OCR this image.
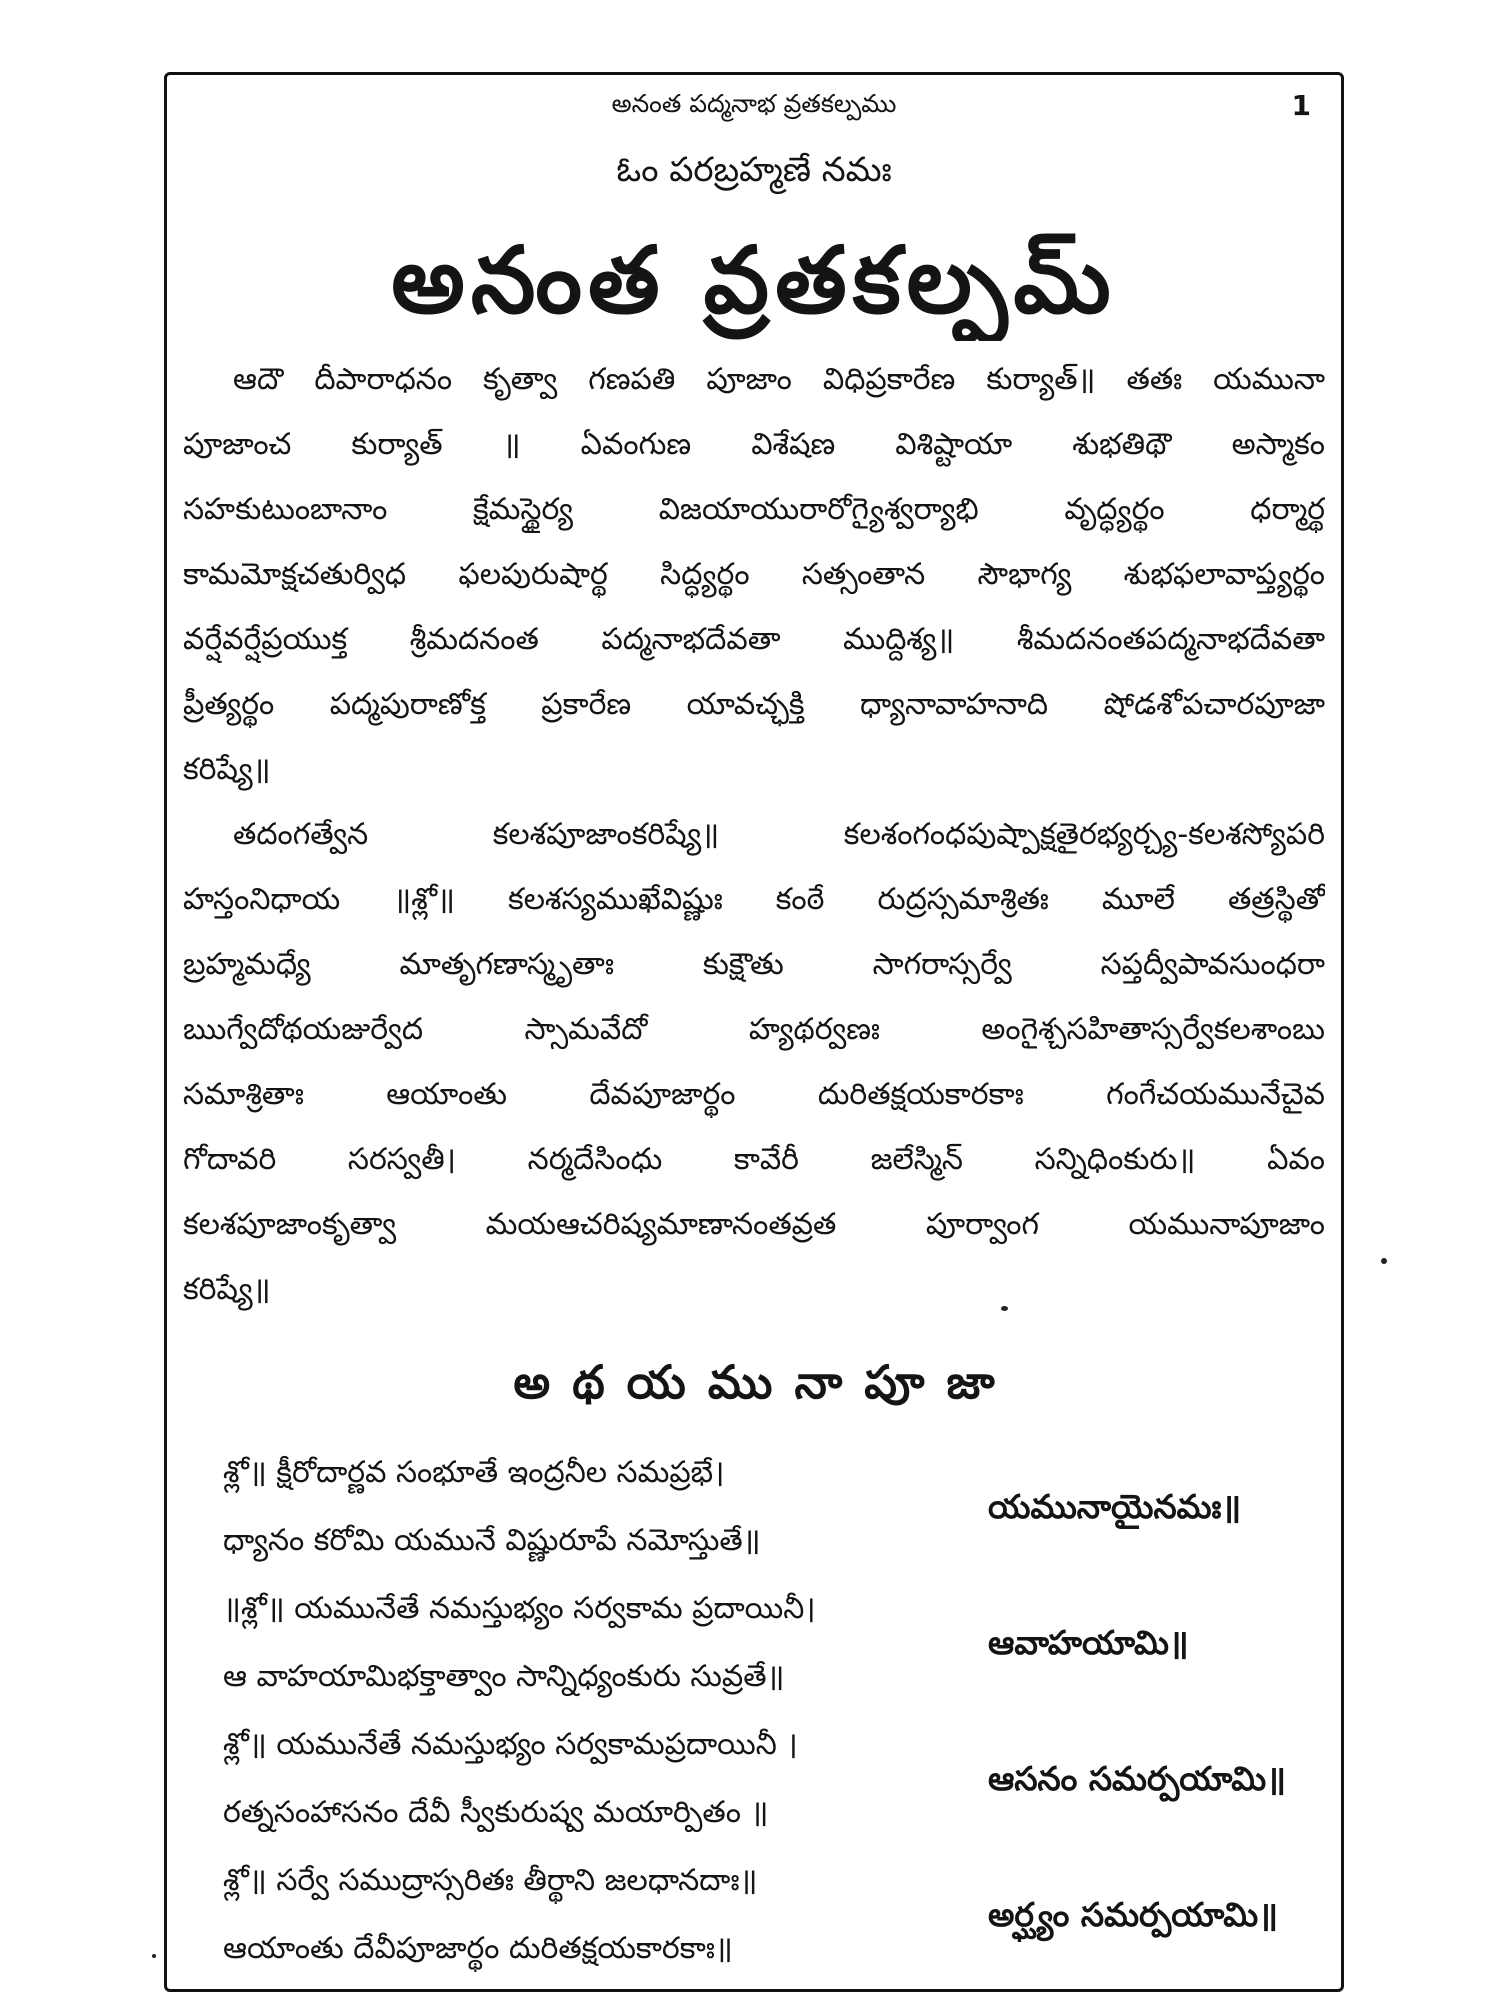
అనంత పద్మనాభ వ్రతకల్పము	1
ఓం పరబ్రహ్మణే నమః
అనంత వ్రతకల్పమ్
ఆదౌ దీపారాధనం కృత్వా గణపతి పూజాం విధిప్రకారేణ కుర్యాత్॥ తతః యమునా
పూజాంచ కుర్యాత్ ॥ ఏవంగుణ విశేషణ విశిష్టాయా శుభతిథౌ అస్మాకం
సహకుటుంబానాం క్షేమస్థైర్య విజయాయురారోగ్యైశ్వర్యాభి వృద్ధ్యర్థం ధర్మార్థ
కామమోక్షచతుర్విధ ఫలపురుషార్థ సిద్ధ్యర్థం సత్సంతాన సౌభాగ్య శుభఫలావాప్త్యర్థం
వర్షేవర్షేప్రయుక్త శ్రీమదనంత పద్మనాభదేవతా ముద్దిశ్య॥ శీమదనంతపద్మనాభదేవతా
ప్రీత్యర్థం పద్మపురాణోక్త ప్రకారేణ యావచ్ఛక్తి ధ్యానావాహనాది షోడశోపచారపూజా
కరిష్యే॥
తదంగత్వేన కలశపూజాంకరిష్యే॥ కలశంగంధపుష్పాక్షతైరభ్యర్చ్య-కలశస్యోపరి
హస్తంనిధాయ ॥శ్లో॥ కలశస్యముఖేవిష్ణుః కంఠే రుద్రస్సమాశ్రితః మూలే తత్రస్థితో
బ్రహ్మమధ్యే మాతృగణాస్మృతాః కుక్షౌతు సాగరాస్సర్వే సప్తద్వీపావసుంధరా
ఋగ్వేదోథయజుర్వేద స్సామవేదో హ్యథర్వణః అంగైశ్చసహితాస్సర్వేకలశాంబు
సమాశ్రితాః ఆయాంతు దేవపూజార్థం దురితక్షయకారకాః గంగేచయమునేచైవ
గోదావరి సరస్వతీ। నర్మదేసింధు కావేరీ జలేస్మిన్ సన్నిధింకురు॥ ఏవం
కలశపూజాంకృత్వా మయఆచరిష్యమాణానంతవ్రత పూర్వాంగ యమునాపూజాం
కరిష్యే॥
అ థ య ము నా పూ జా
శ్లో॥ క్షీరోదార్ణవ సంభూతే ఇంద్రనీల సమప్రభే।
ధ్యానం కరోమి యమునే విష్ణురూపే నమోస్తుతే॥
యమునాయైనమః॥
॥శ్లో॥ యమునేతే నమస్తుభ్యం సర్వకామ ప్రదాయినీ।
ఆ వాహయామిభక్తాత్వాం సాన్నిధ్యంకురు సువ్రతే॥
ఆవాహయామి॥
శ్లో॥ యమునేతే నమస్తుభ్యం సర్వకామప్రదాయినీ ।
రత్నసంహాసనం దేవీ స్వీకురుష్వ మయార్పితం ॥
ఆసనం సమర్పయామి॥
శ్లో॥ సర్వే సముద్రాస్సరితః తీర్థాని జలధానదాః॥
ఆయాంతు దేవీపూజార్థం దురితక్షయకారకాః॥
అర్ఘ్యం సమర్పయామి॥
